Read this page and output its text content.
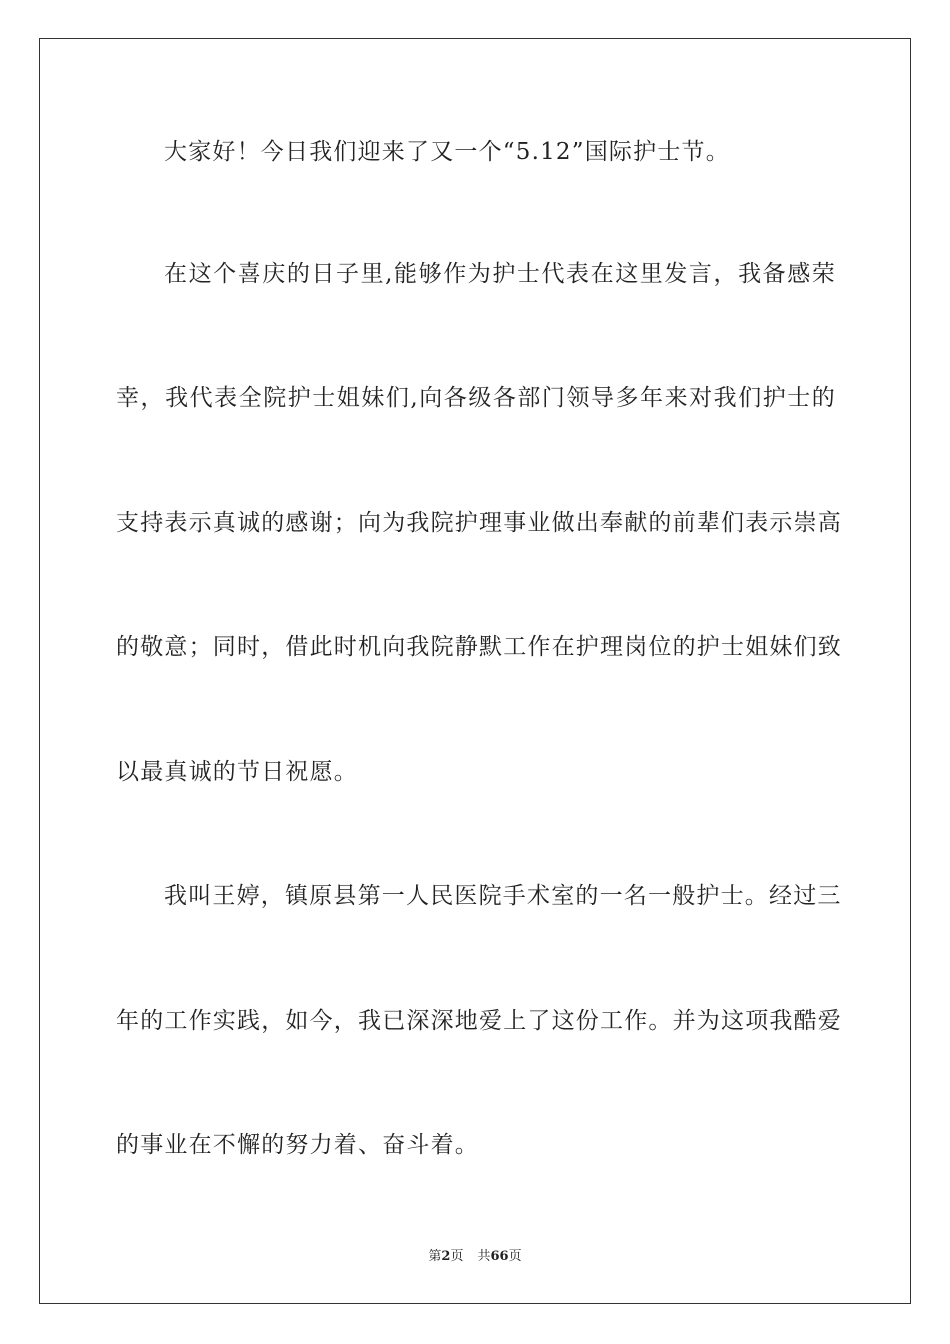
大家好！今日我们迎来了又一个“5.12”国际护士节。
在这个喜庆的日子里,能够作为护士代表在这里发言，我备感荣
幸，我代表全院护士姐妹们,向各级各部门领导多年来对我们护士的
支持表示真诚的感谢；向为我院护理事业做出奉献的前辈们表示崇高
的敬意；同时，借此时机向我院静默工作在护理岗位的护士姐妹们致
以最真诚的节日祝愿。
我叫王婷，镇原县第一人民医院手术室的一名一般护士。经过三
年的工作实践，如今，我已深深地爱上了这份工作。并为这项我酷爱
的事业在不懈的努力着、奋斗着。
第2页 共66页
